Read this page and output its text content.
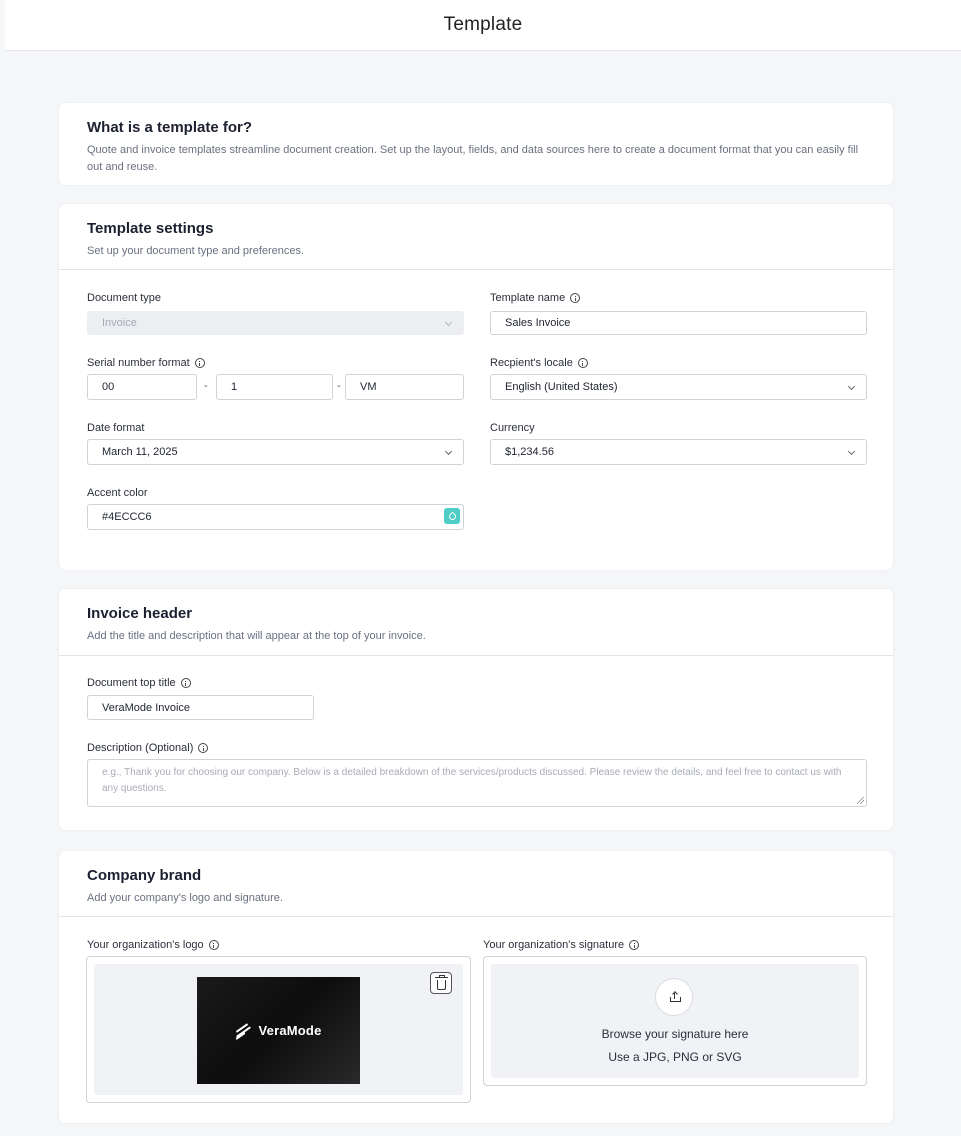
Template
What is a template for?
Quote and invoice templates streamline document creation. Set up the layout, fields, and data sources here to create a document format that you can easily fill out and reuse.
Template settings
Set up your document type and preferences.
Document type
Invoice
Template name
Sales Invoice
Serial number format
00	- 1	- VM
Recpient's locale
English (United States)
Date format
March 11, 2025
Currency
$1,234.56
Accent color
#4ECCC6
Invoice header
Add the title and description that will appear at the top of your invoice.
Document top title
VeraMode Invoice
Description (Optional)
e.g., Thank you for choosing our company. Below is a detailed breakdown of the services/products discussed. Please review the details, and feel free to contact us with any questions.
Company brand
Add your company's logo and signature.
Your organization's logo
VeraMode
Your organization's signature
Browse your signature here
Use a JPG, PNG or SVG
